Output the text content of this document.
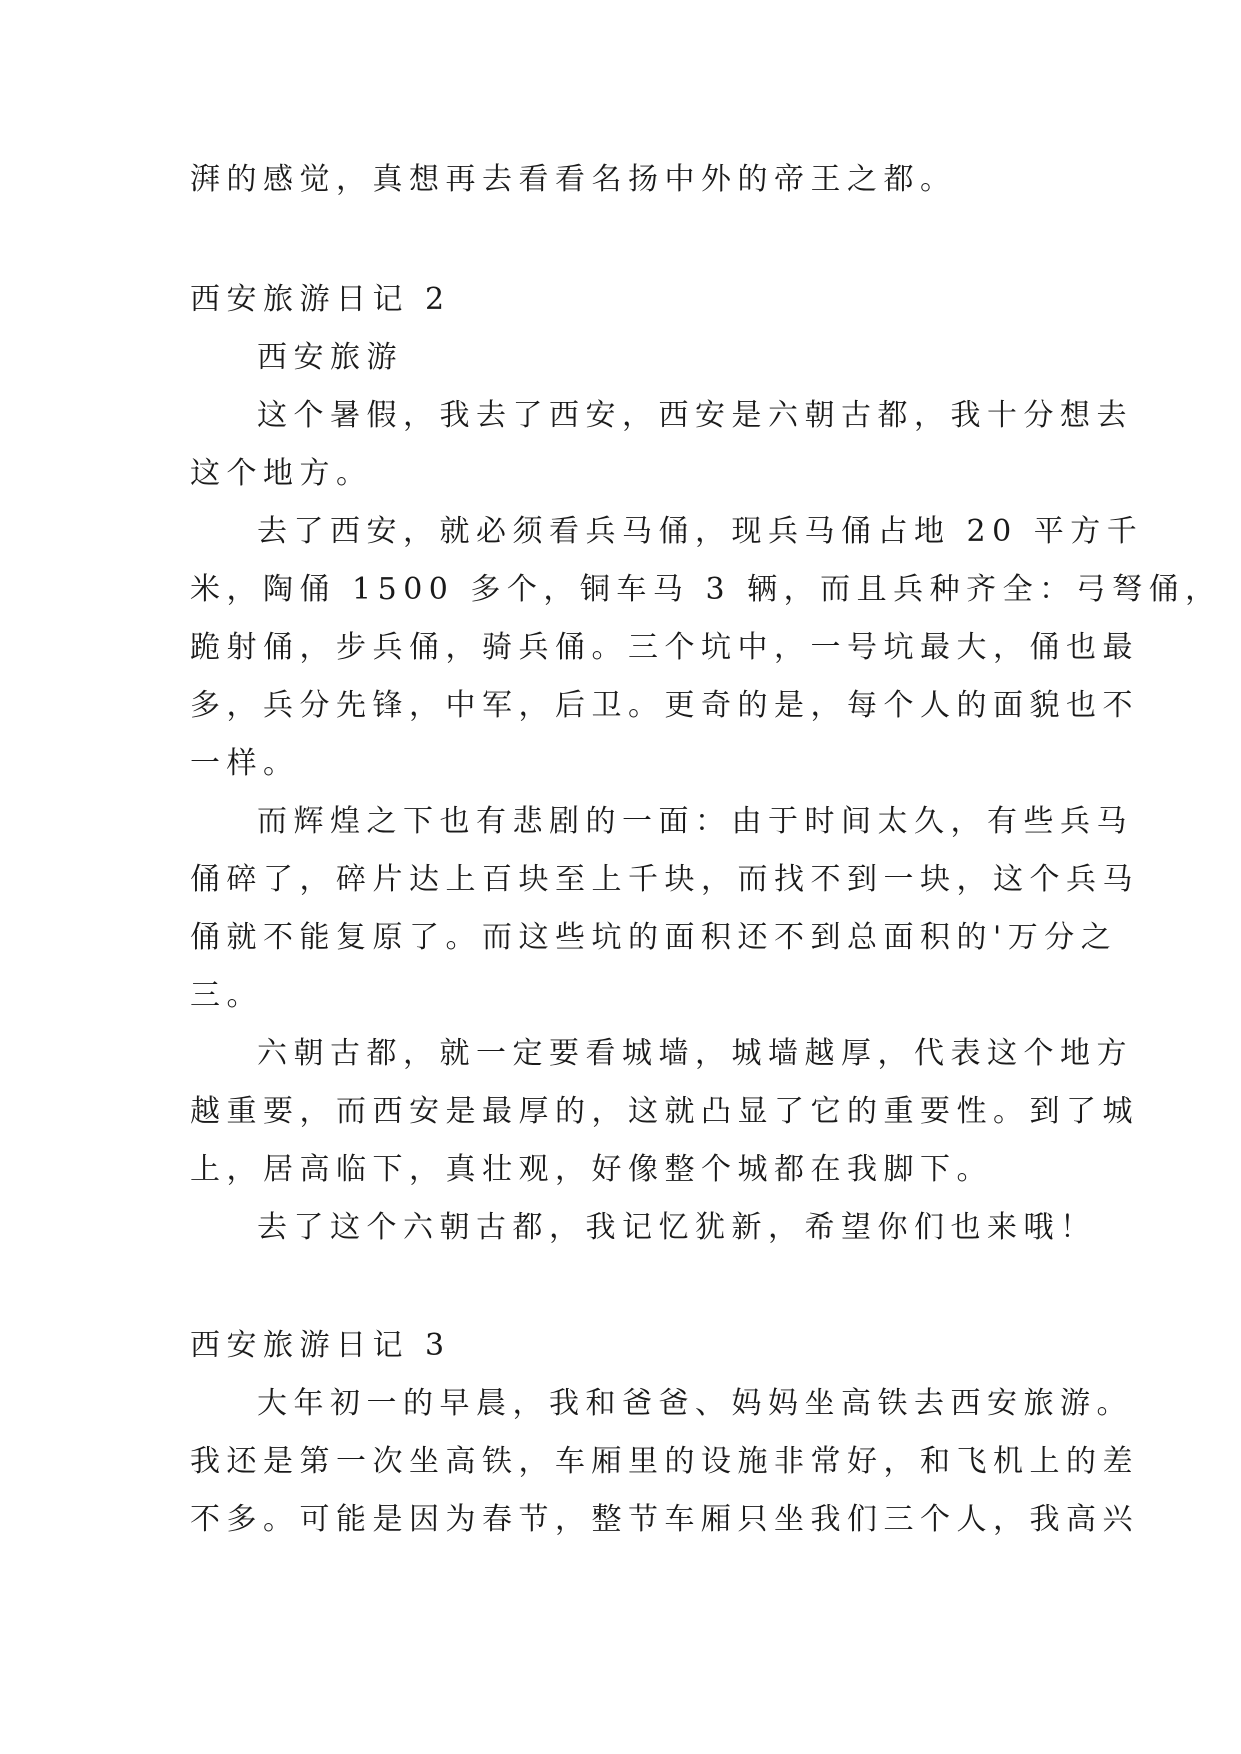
湃的感觉，真想再去看看名扬中外的帝王之都。
西安旅游日记 2
西安旅游
这个暑假，我去了西安，西安是六朝古都，我十分想去
这个地方。
去了西安，就必须看兵马俑，现兵马俑占地 20 平方千
米，陶俑 1500 多个，铜车马 3 辆，而且兵种齐全：弓弩俑，
跪射俑，步兵俑，骑兵俑。三个坑中，一号坑最大，俑也最
多，兵分先锋，中军，后卫。更奇的是，每个人的面貌也不
一样。
而辉煌之下也有悲剧的一面：由于时间太久，有些兵马
俑碎了，碎片达上百块至上千块，而找不到一块，这个兵马
俑就不能复原了。而这些坑的面积还不到总面积的'万分之
三。
六朝古都，就一定要看城墙，城墙越厚，代表这个地方
越重要，而西安是最厚的，这就凸显了它的重要性。到了城
上，居高临下，真壮观，好像整个城都在我脚下。
去了这个六朝古都，我记忆犹新，希望你们也来哦！
西安旅游日记 3
大年初一的早晨，我和爸爸、妈妈坐高铁去西安旅游。
我还是第一次坐高铁，车厢里的设施非常好，和飞机上的差
不多。可能是因为春节，整节车厢只坐我们三个人，我高兴
